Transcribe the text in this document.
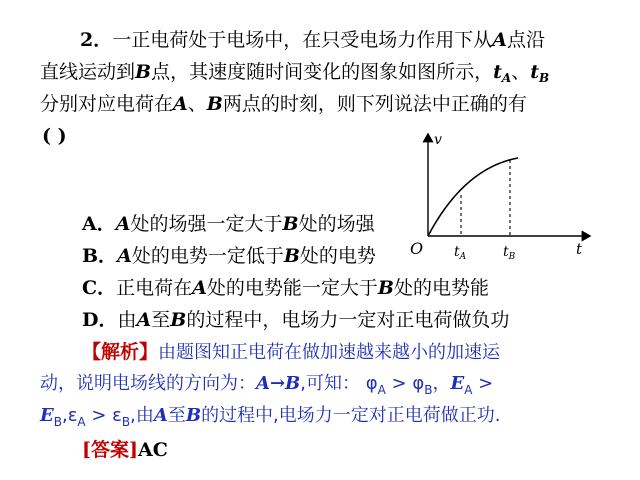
2．一正电荷处于电场中，在只受电场力作用下从A点沿
直线运动到B点，其速度随时间变化的图象如图所示，$t_A$、$t_B$
分别对应电荷在A、B两点的时刻，则下列说法中正确的有
( )	v
t
O $t_A$	$t_B$
A．A处的场强一定大于B处的场强
B．A处的电势一定低于B处的电势
C．正电荷在A处的电势能一定大于B处的电势能
D．由A至B的过程中，电场力一定对正电荷做负功
【解析】由题图知正电荷在做加速越来越小的加速运
动，说明电场线的方向为：A→B,可知： $\varphi_A > \varphi_B$，$E_A$ >
$E_B,\varepsilon_A > \varepsilon_B$,由A至B的过程中,电场力一定对正电荷做正功.
[答案]AC
